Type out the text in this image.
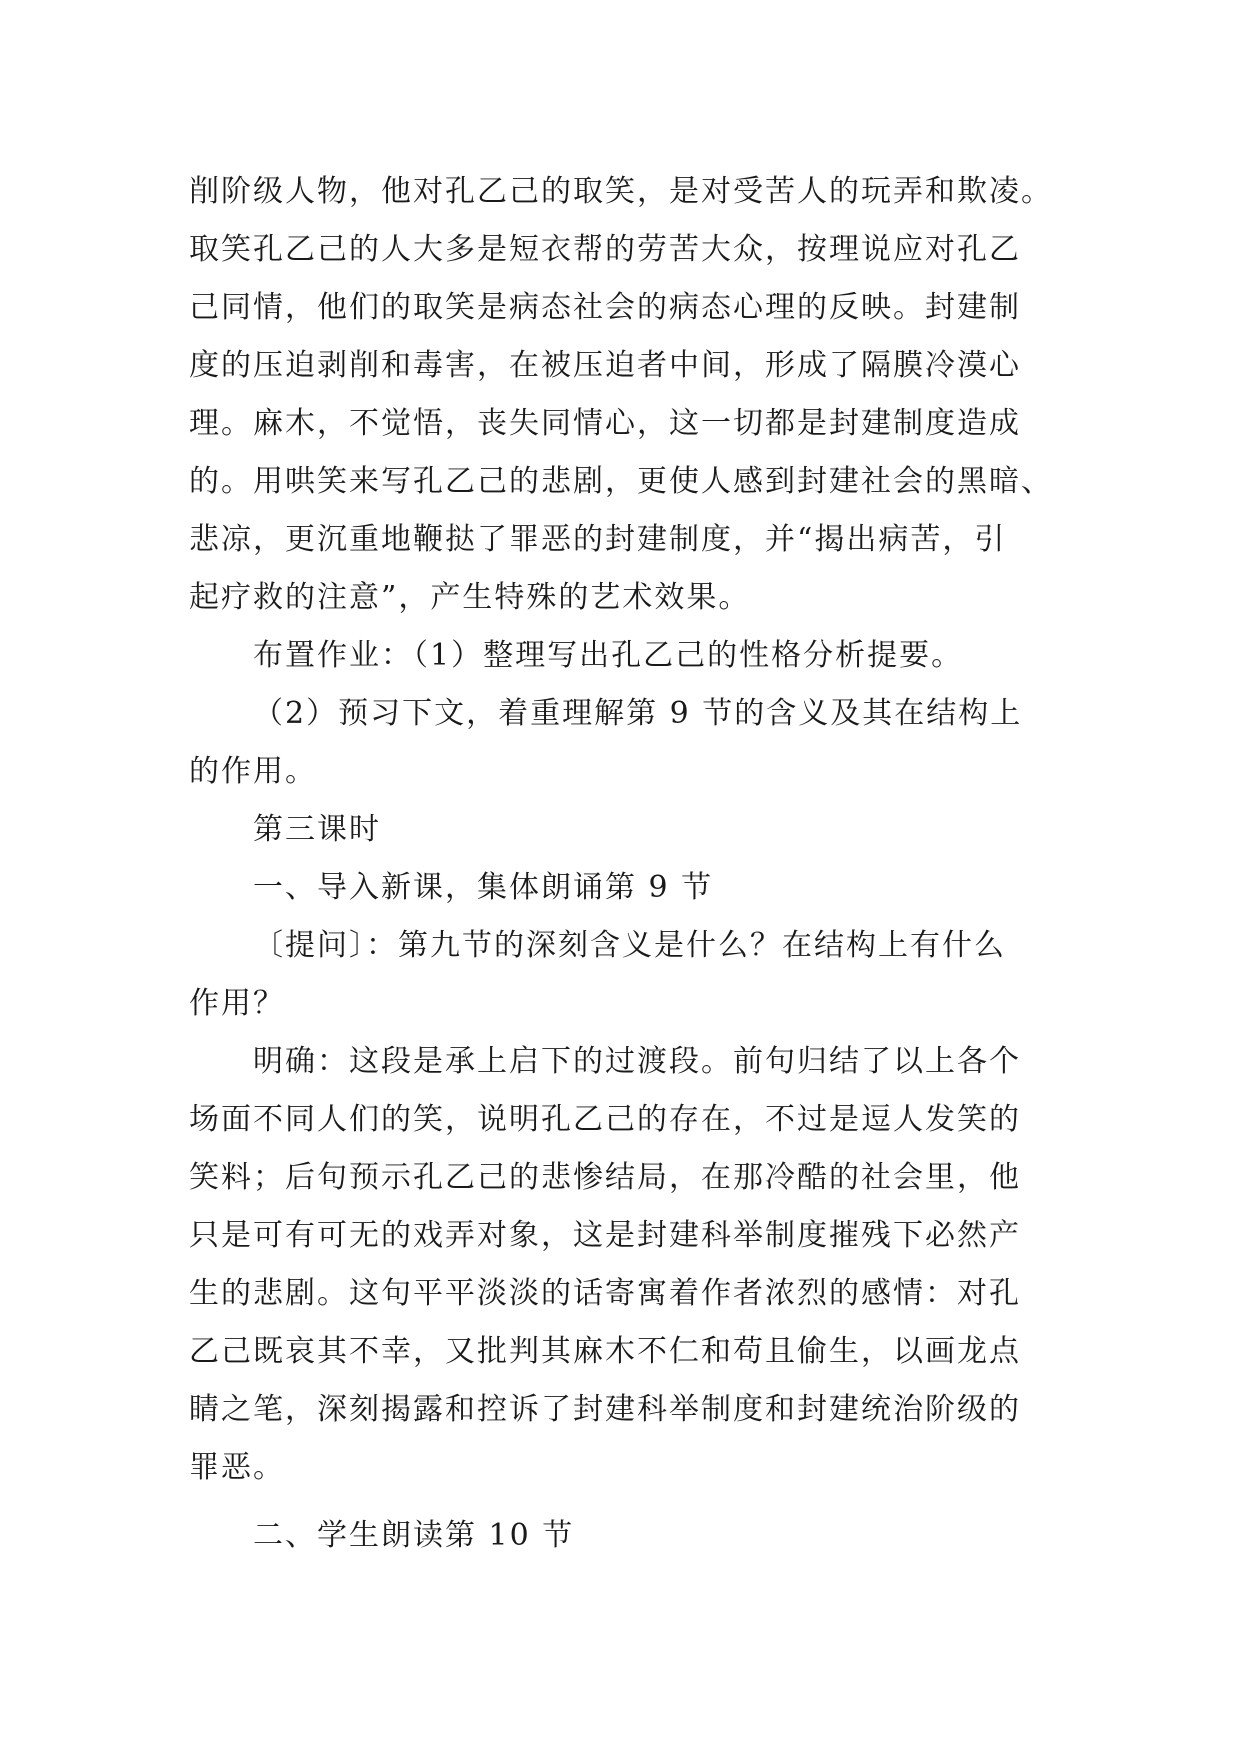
削阶级人物，他对孔乙己的取笑，是对受苦人的玩弄和欺凌。
取笑孔乙己的人大多是短衣帮的劳苦大众，按理说应对孔乙
己同情，他们的取笑是病态社会的病态心理的反映。封建制
度的压迫剥削和毒害，在被压迫者中间，形成了隔膜冷漠心
理。麻木，不觉悟，丧失同情心，这一切都是封建制度造成
的。用哄笑来写孔乙己的悲剧，更使人感到封建社会的黑暗、
悲凉，更沉重地鞭挞了罪恶的封建制度，并“揭出病苦，引
起疗救的注意”，产生特殊的艺术效果。
布置作业：（1）整理写出孔乙己的性格分析提要。
（2）预习下文，着重理解第 9 节的含义及其在结构上
的作用。
第三课时
一、导入新课，集体朗诵第 9 节
〔提问〕：第九节的深刻含义是什么？在结构上有什么
作用？
明确：这段是承上启下的过渡段。前句归结了以上各个
场面不同人们的笑，说明孔乙己的存在，不过是逗人发笑的
笑料；后句预示孔乙己的悲惨结局，在那冷酷的社会里，他
只是可有可无的戏弄对象，这是封建科举制度摧残下必然产
生的悲剧。这句平平淡淡的话寄寓着作者浓烈的感情：对孔
乙己既哀其不幸，又批判其麻木不仁和苟且偷生，以画龙点
睛之笔，深刻揭露和控诉了封建科举制度和封建统治阶级的
罪恶。
二、学生朗读第 10 节
